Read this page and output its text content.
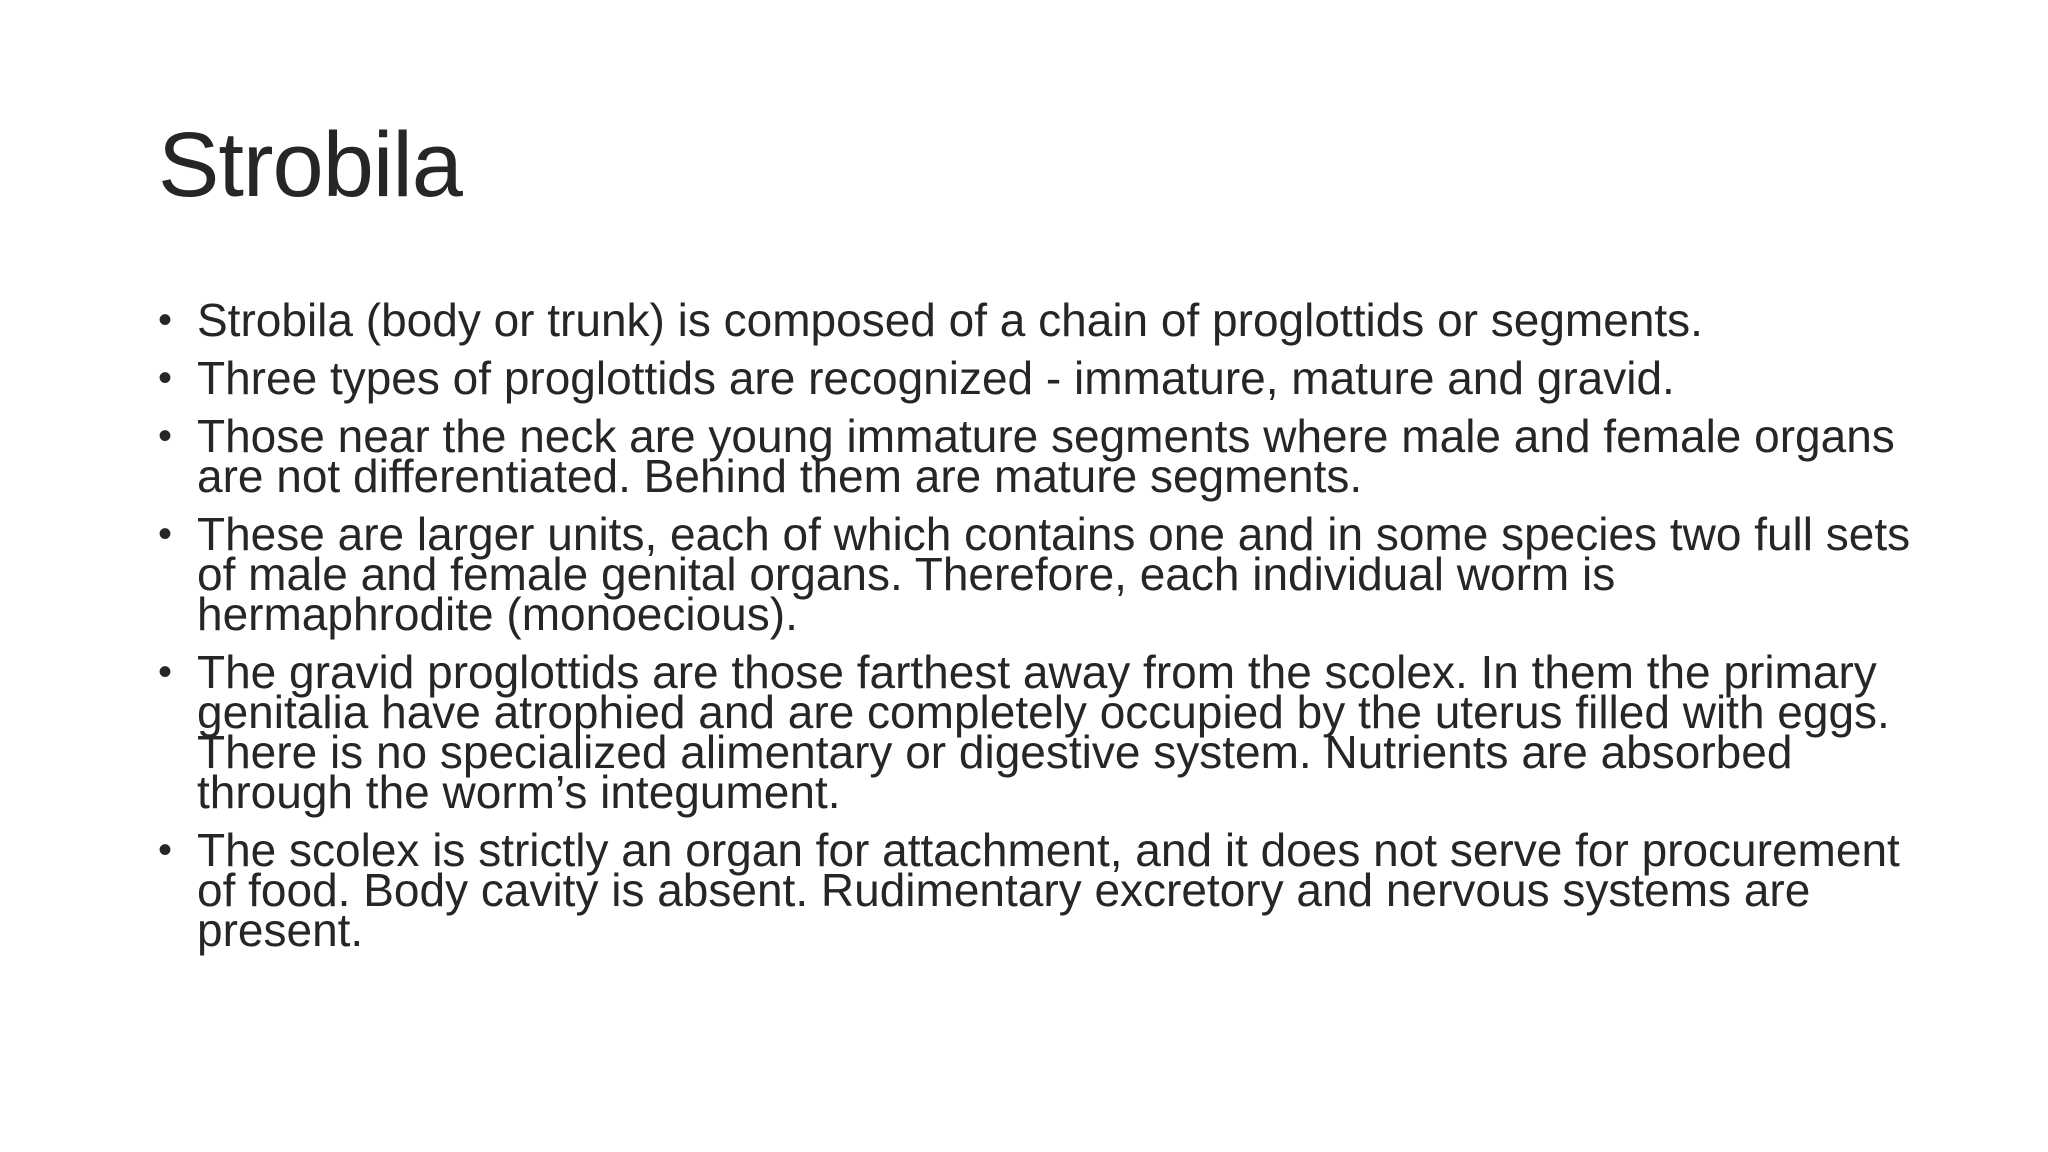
Strobila
• Strobila (body or trunk) is composed of a chain of proglottids or segments.
• Three types of proglottids are recognized - immature, mature and gravid.
• Those near the neck are young immature segments where male and female organs are not differentiated. Behind them are mature segments.
• These are larger units, each of which contains one and in some species two full sets of male and female genital organs. Therefore, each individual worm is hermaphrodite (monoecious).
• The gravid proglottids are those farthest away from the scolex. In them the primary genitalia have atrophied and are completely occupied by the uterus filled with eggs. There is no specialized alimentary or digestive system. Nutrients are absorbed through the worm’s integument.
• The scolex is strictly an organ for attachment, and it does not serve for procurement of food. Body cavity is absent. Rudimentary excretory and nervous systems are present.
